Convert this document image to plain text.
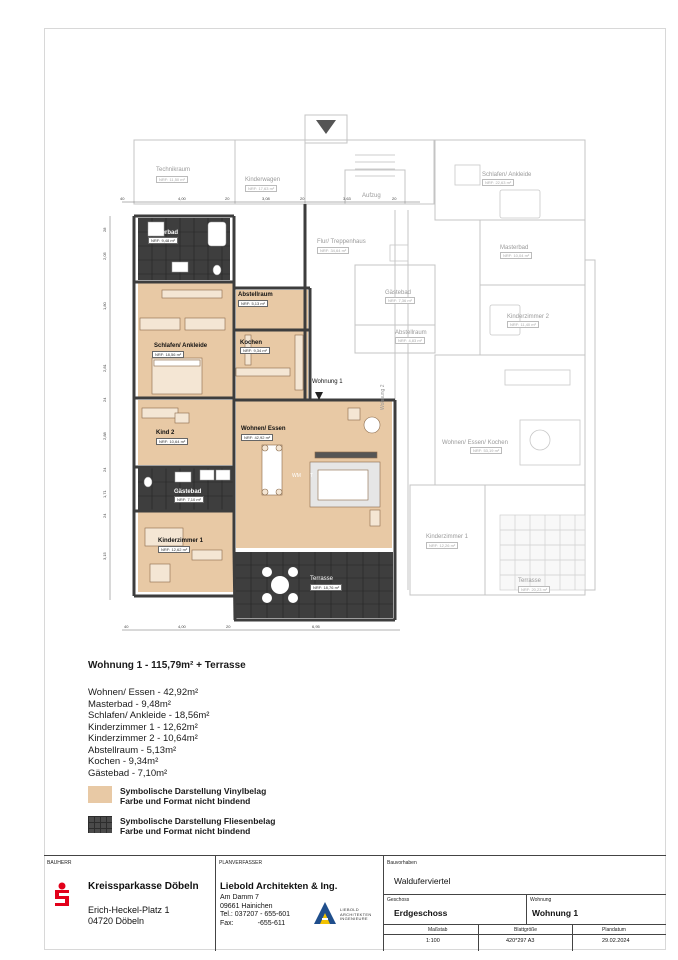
Technikraum
NRF: 11,50 m²	Kinderwagen
NRF: 17,63 m²
Aufzug
Flur/ Treppenhaus
NRF: 34,64 m²
Masterbad
NRF: 9,48 m²
Abstellraum
NRF: 5,13 m²
Schlafen/ Ankleide
NRF: 18,56 m²
Kochen
NRF: 9,34 m²
Kind 2
NRF: 10,64 m²
Wohnen/ Essen
NRF: 42,92 m²
Gästebad
NRF: 7,10 m²
WM T
Kinderzimmer 1
NRF: 12,62 m²
Terrasse
NRF: 18,76 m²
Schlafen/ Ankleide
NRF: 22,63 m²
Masterbad
NRF: 10,04 m²
Gästebad
NRF: 7,36 m²
Kinderzimmer 2
NRF: 11,40 m²
Abstellraum
NRF: 4,83 m²
Wohnen/ Essen/ Kochen
NRF: 53,19 m²
Kinderzimmer 1
NRF: 12,26 m²
Terrasse
NRF: 20,23 m²
Wohnung 1
Wohnung 2
40	4,00	20	3,08	20	3,63	20
40	4,00	20	6,95
28
2,05
1,80
2,81
24
2,88
24
1,71
24
3,15
Wohnung 1 - 115,79m² + Terrasse
Wohnen/ Essen - 42,92m²
Masterbad - 9,48m²
Schlafen/ Ankleide - 18,56m²
Kinderzimmer 1 - 12,62m²
Kinderzimmer 2 - 10,64m²
Abstellraum - 5,13m²
Kochen - 9,34m²
Gästebad - 7,10m²
Symbolische Darstellung Vinylbelag
Farbe und Format nicht bindend
Symbolische Darstellung Fliesenbelag
Farbe und Format nicht bindend
BAUHERR
Kreissparkasse Döbeln
Erich-Heckel-Platz 1
04720 Döbeln
PLANVERFASSER
Liebold Architekten & Ing.
Am Damm 7
09661 Hainichen
Tel.: 037207 - 655-601
Fax:	-655-611
LIEBOLD ARCHITEKTEN INGENIEURE
Bauvorhaben
Walduferviertel
Geschoss
Erdgeschoss
Wohnung
Wohnung 1
Maßstab	Blattgröße	Plandatum
1:100	420*297 A3	29.02.2024
